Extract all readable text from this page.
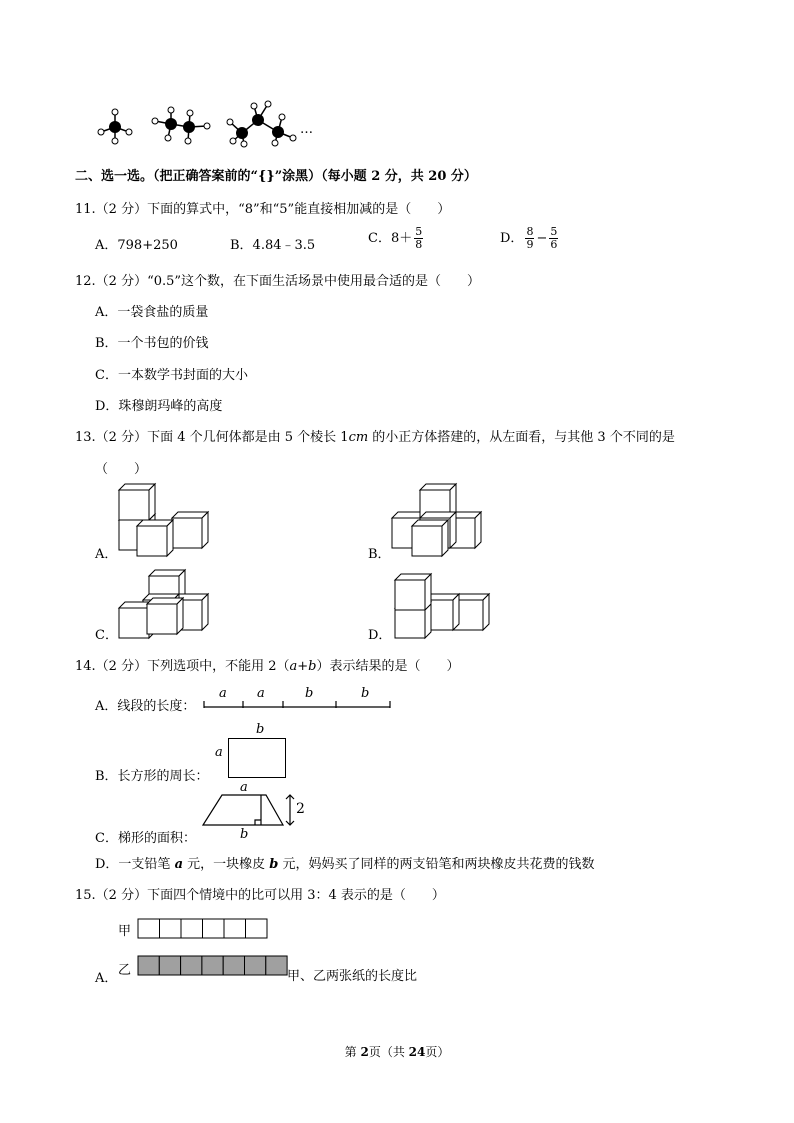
…
二、选一选。（把正确答案前的“{}”涂黑）（每小题 2 分，共 20 分）
11.（2 分）下面的算式中，“8”和“5”能直接相加减的是（　　）
A．798+250	B．4.84﹣3.5	C．$8+ \frac{5}{8}$	D． $\frac{8}{9} - \frac{5}{6}$
12.（2 分）“0.5”这个数，在下面生活场景中使用最合适的是（　　）
A．一袋食盐的质量
B．一个书包的价钱
C．一本数学书封面的大小
D．珠穆朗玛峰的高度
13.（2 分）下面 4 个几何体都是由 5 个棱长 1cm 的小正方体搭建的，从左面看，与其他 3 个不同的是
（　　）
A．	B．
C．	D．
14.（2 分）下列选项中，不能用 2（a+b）表示结果的是（　　）
A．线段的长度：
a a	b	b
B．长方形的周长：
b
a
C．梯形的面积：
a
b
2
D．一支铅笔 a 元，一块橡皮 b 元，妈妈买了同样的两支铅笔和两块橡皮共花费的钱数
15.（2 分）下面四个情境中的比可以用 3：4 表示的是（　　）
甲
乙
A．	甲、乙两张纸的长度比
第 2页（共 24页）
